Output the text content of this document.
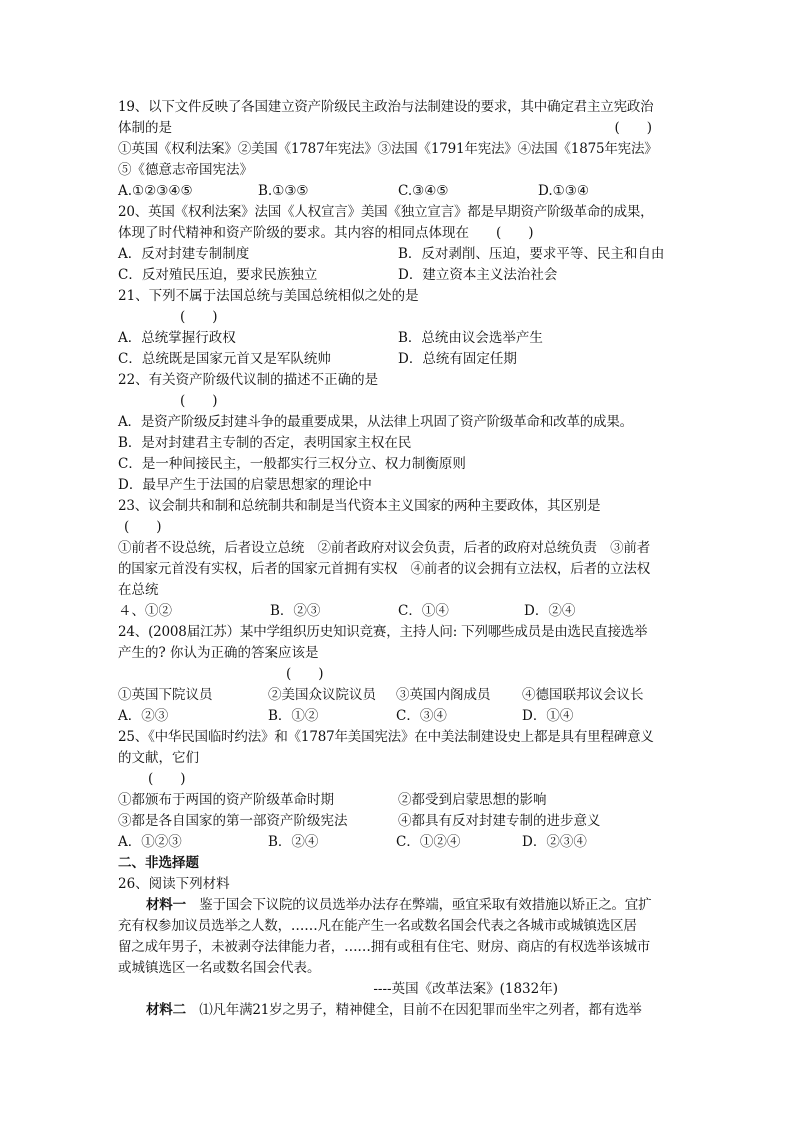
19、以下文件反映了各国建立资产阶级民主政治与法制建设的要求，其中确定君主立宪政治
体制的是	(　　)
①英国《权利法案》②美国《1787年宪法》③法国《1791年宪法》④法国《1875年宪法》
⑤《德意志帝国宪法》
A.①②③④⑤	B.①③⑤	C.③④⑤	D.①③④
20、英国《权利法案》法国《人权宣言》美国《独立宣言》都是早期资产阶级革命的成果，
体现了时代精神和资产阶级的要求。其内容的相同点体现在　　(　　)
A．反对封建专制制度	B．反对剥削、压迫，要求平等、民主和自由
C．反对殖民压迫，要求民族独立	D．建立资本主义法治社会
21、下列不属于法国总统与美国总统相似之处的是
(　　)
A．总统掌握行政权	B．总统由议会选举产生
C．总统既是国家元首又是军队统帅	D．总统有固定任期
22、有关资产阶级代议制的描述不正确的是
(　　)
A．是资产阶级反封建斗争的最重要成果，从法律上巩固了资产阶级革命和改革的成果。
B．是对封建君主专制的否定，表明国家主权在民
C．是一种间接民主，一般都实行三权分立、权力制衡原则
D．最早产生于法国的启蒙思想家的理论中
23、议会制共和制和总统制共和制是当代资本主义国家的两种主要政体，其区别是
(　　)
①前者不设总统，后者设立总统　②前者政府对议会负责，后者的政府对总统负责　③前者
的国家元首没有实权，后者的国家元首拥有实权　④前者的议会拥有立法权，后者的立法权
在总统
４、①②	B．②③	C．①④	D．②④
24、(2008届江苏）某中学组织历史知识竞赛，主持人问: 下列哪些成员是由选民直接选举
产生的? 你认为正确的答案应该是
(　　)
①英国下院议员	②美国众议院议员	③英国内阁成员	④德国联邦议会议长
A．②③	B．①②	C．③④	D．①④
25、《中华民国临时约法》和《1787年美国宪法》在中美法制建设史上都是具有里程碑意义
的文献，它们
(　　)
①都颁布于两国的资产阶级革命时期	②都受到启蒙思想的影响
③都是各自国家的第一部资产阶级宪法	④都具有反对封建专制的进步意义
A．①②③	B．②④	C．①②④	D．②③④
二、非选择题
26、阅读下列材料
材料一　鉴于国会下议院的议员选举办法存在弊端，亟宜采取有效措施以矫正之。宜扩
充有权参加议员选举之人数，……凡在能产生一名或数名国会代表之各城市或城镇选区居
留之成年男子，未被剥夺法律能力者，……拥有或租有住宅、财房、商店的有权选举该城市
或城镇选区一名或数名国会代表。
----英国《改革法案》(1832年)
材料二　⑴凡年满21岁之男子，精神健全，目前不在因犯罪而坐牢之列者，都有选举
